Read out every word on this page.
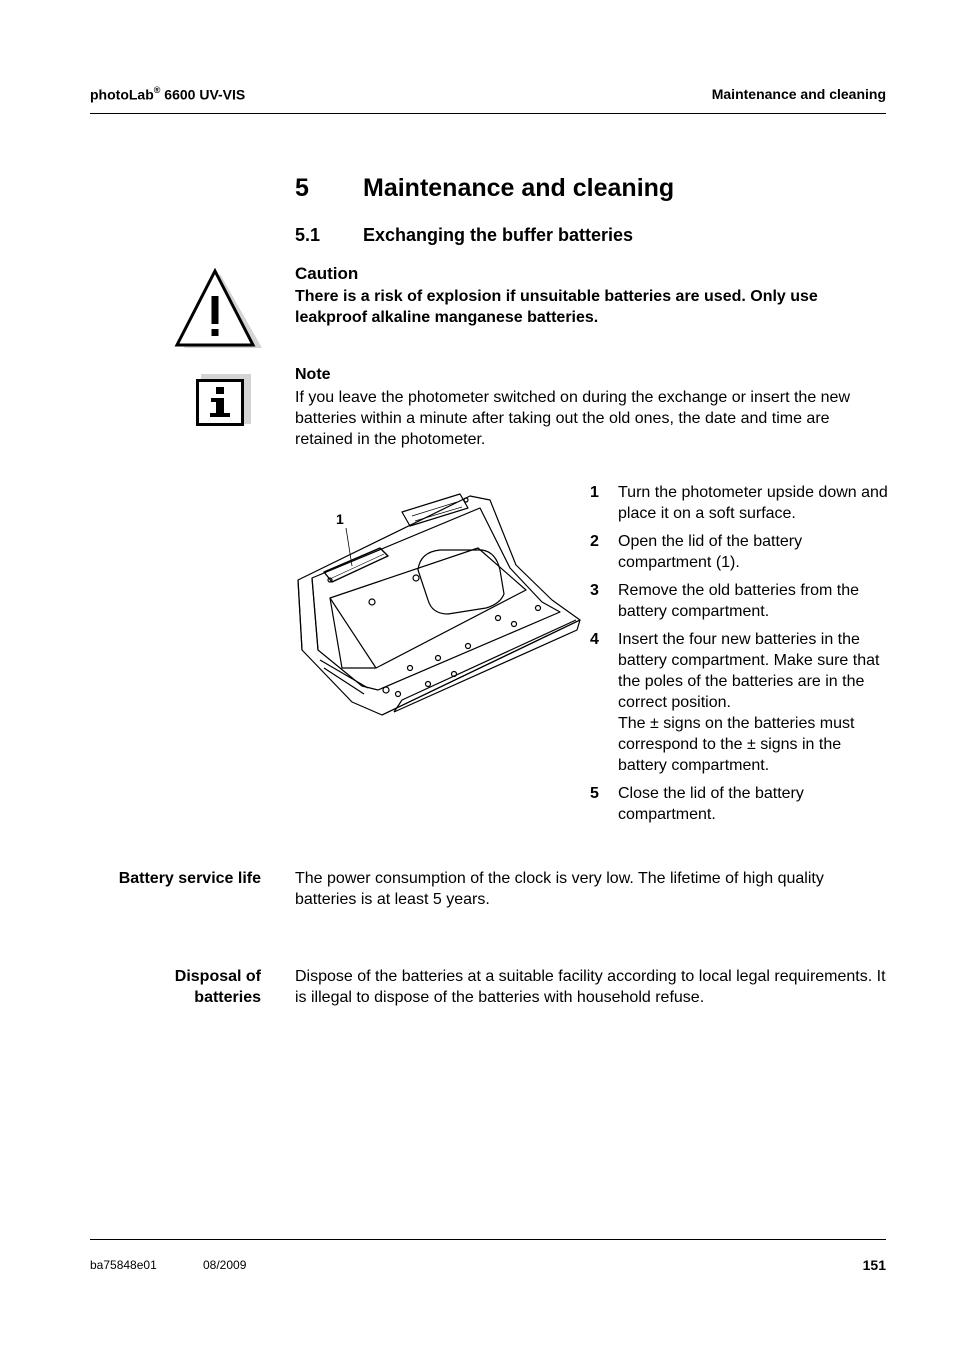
photoLab® 6600 UV-VIS	Maintenance and cleaning
5 Maintenance and cleaning
5.1 Exchanging the buffer batteries
Caution
There is a risk of explosion if unsuitable batteries are used. Only use leakproof alkaline manganese batteries.
Note
If you leave the photometer switched on during the exchange or insert the new batteries within a minute after taking out the old ones, the date and time are retained in the photometer.
1
1	Turn the photometer upside down and place it on a soft surface.
2	Open the lid of the battery compartment (1).
3	Remove the old batteries from the battery compartment.
4	Insert the four new batteries in the battery compartment. Make sure that the poles of the batteries are in the correct position.
The ± signs on the batteries must correspond to the ± signs in the battery compartment.
5	Close the lid of the battery compartment.
Battery service life The power consumption of the clock is very low. The lifetime of high quality batteries is at least 5 years.
Disposal of
batteries
Dispose of the batteries at a suitable facility according to local legal requirements. It is illegal to dispose of the batteries with household refuse.
ba75848e01	08/2009	151
